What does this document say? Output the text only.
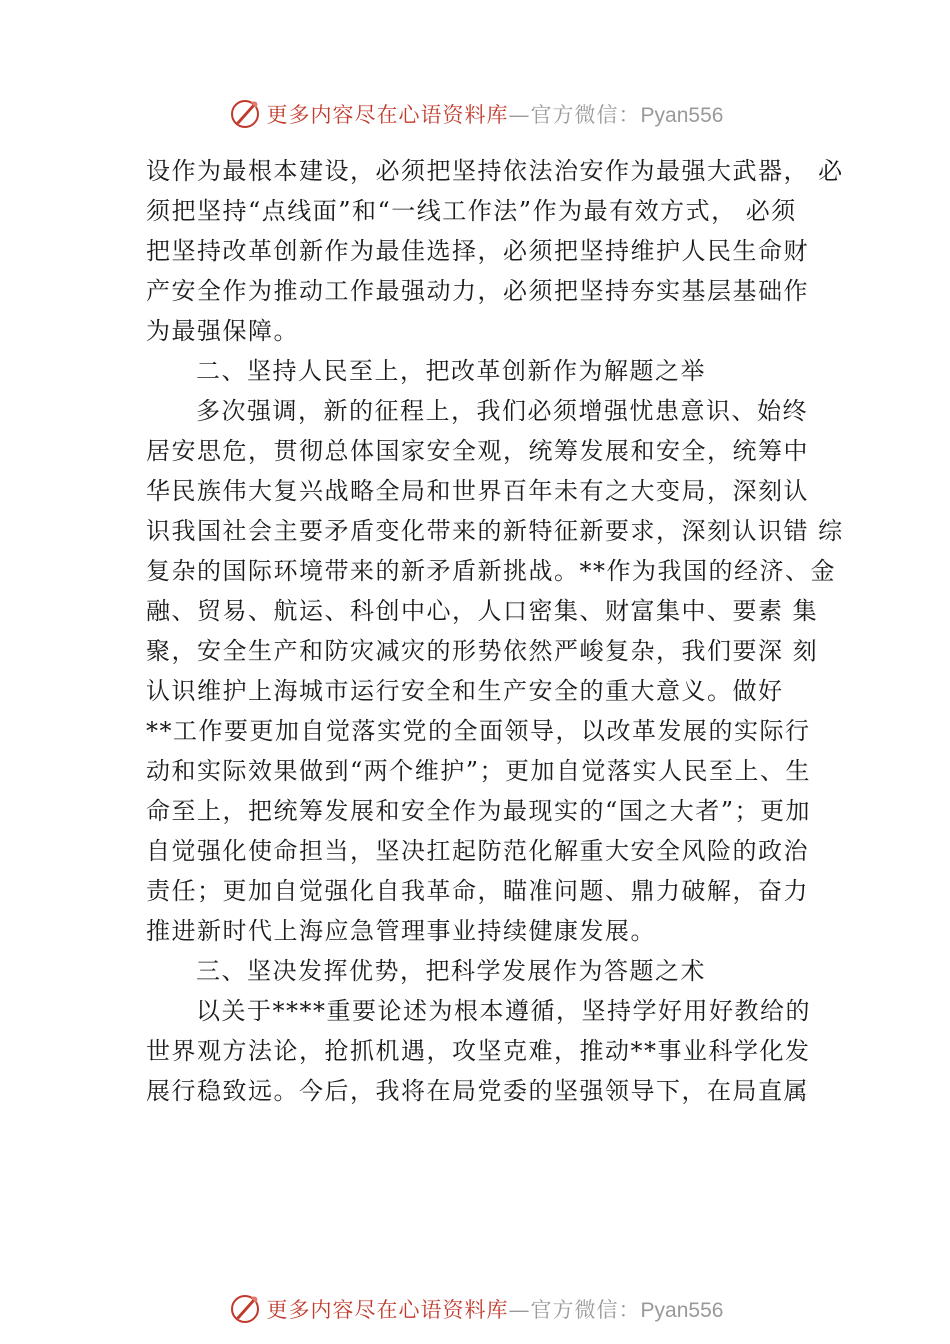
更多内容尽在心语资料库—官方微信：Pyan556
设作为最根本建设，必须把坚持依法治安作为最强大武器， 必
须把坚持“点线面”和“一线工作法”作为最有效方式， 必须
把坚持改革创新作为最佳选择，必须把坚持维护人民生命财
产安全作为推动工作最强动力，必须把坚持夯实基层基础作
为最强保障。
二、坚持人民至上，把改革创新作为解题之举
多次强调，新的征程上，我们必须增强忧患意识、始终
居安思危，贯彻总体国家安全观，统筹发展和安全，统筹中
华民族伟大复兴战略全局和世界百年未有之大变局，深刻认
识我国社会主要矛盾变化带来的新特征新要求，深刻认识错 综
复杂的国际环境带来的新矛盾新挑战。**作为我国的经济、金
融、贸易、航运、科创中心，人口密集、财富集中、要素 集
聚，安全生产和防灾减灾的形势依然严峻复杂，我们要深 刻
认识维护上海城市运行安全和生产安全的重大意义。做好
**工作要更加自觉落实党的全面领导，以改革发展的实际行
动和实际效果做到“两个维护”；更加自觉落实人民至上、生
命至上，把统筹发展和安全作为最现实的“国之大者”；更加
自觉强化使命担当，坚决扛起防范化解重大安全风险的政治
责任；更加自觉强化自我革命，瞄准问题、鼎力破解，奋力
推进新时代上海应急管理事业持续健康发展。
三、坚决发挥优势，把科学发展作为答题之术
以关于****重要论述为根本遵循，坚持学好用好教给的
世界观方法论，抢抓机遇，攻坚克难，推动**事业科学化发
展行稳致远。今后，我将在局党委的坚强领导下，在局直属
更多内容尽在心语资料库—官方微信：Pyan556
